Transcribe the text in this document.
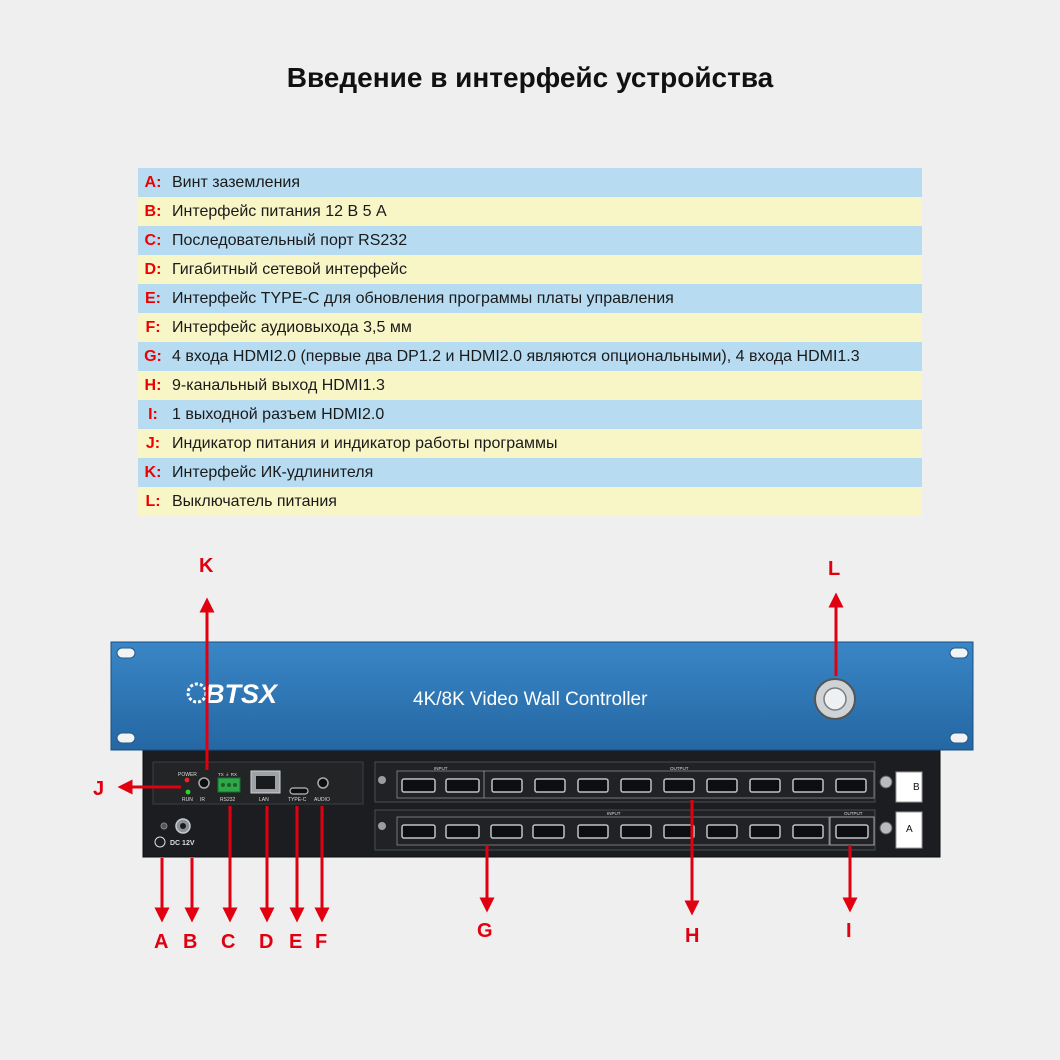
Введение в интерфейс устройства
A: Винт заземления
B: Интерфейс питания 12 В 5 А
C: Последовательный порт RS232
D: Гигабитный сетевой интерфейс
E: Интерфейс TYPE-C для обновления программы платы управления
F: Интерфейс аудиовыхода 3,5 мм
G: 4 входа HDMI2.0 (первые два DP1.2 и HDMI2.0 являются опциональными), 4 входа HDMI1.3
H: 9-канальный выход HDMI1.3
I: 1 выходной разъем HDMI2.0
J: Индикатор питания и индикатор работы программы
K: Интерфейс ИК-удлинителя
L: Выключатель питания
B
A
INPUT	OUTPUT
INPUT	OUTPUT
POWER
RUN IR
TX ⏚ RX
RS232	LAN	TYPE-C AUDIO
DC 12V
BTSX	4K/8K Video Wall Controller
K	L
J
A B C D E F	G	H	I
